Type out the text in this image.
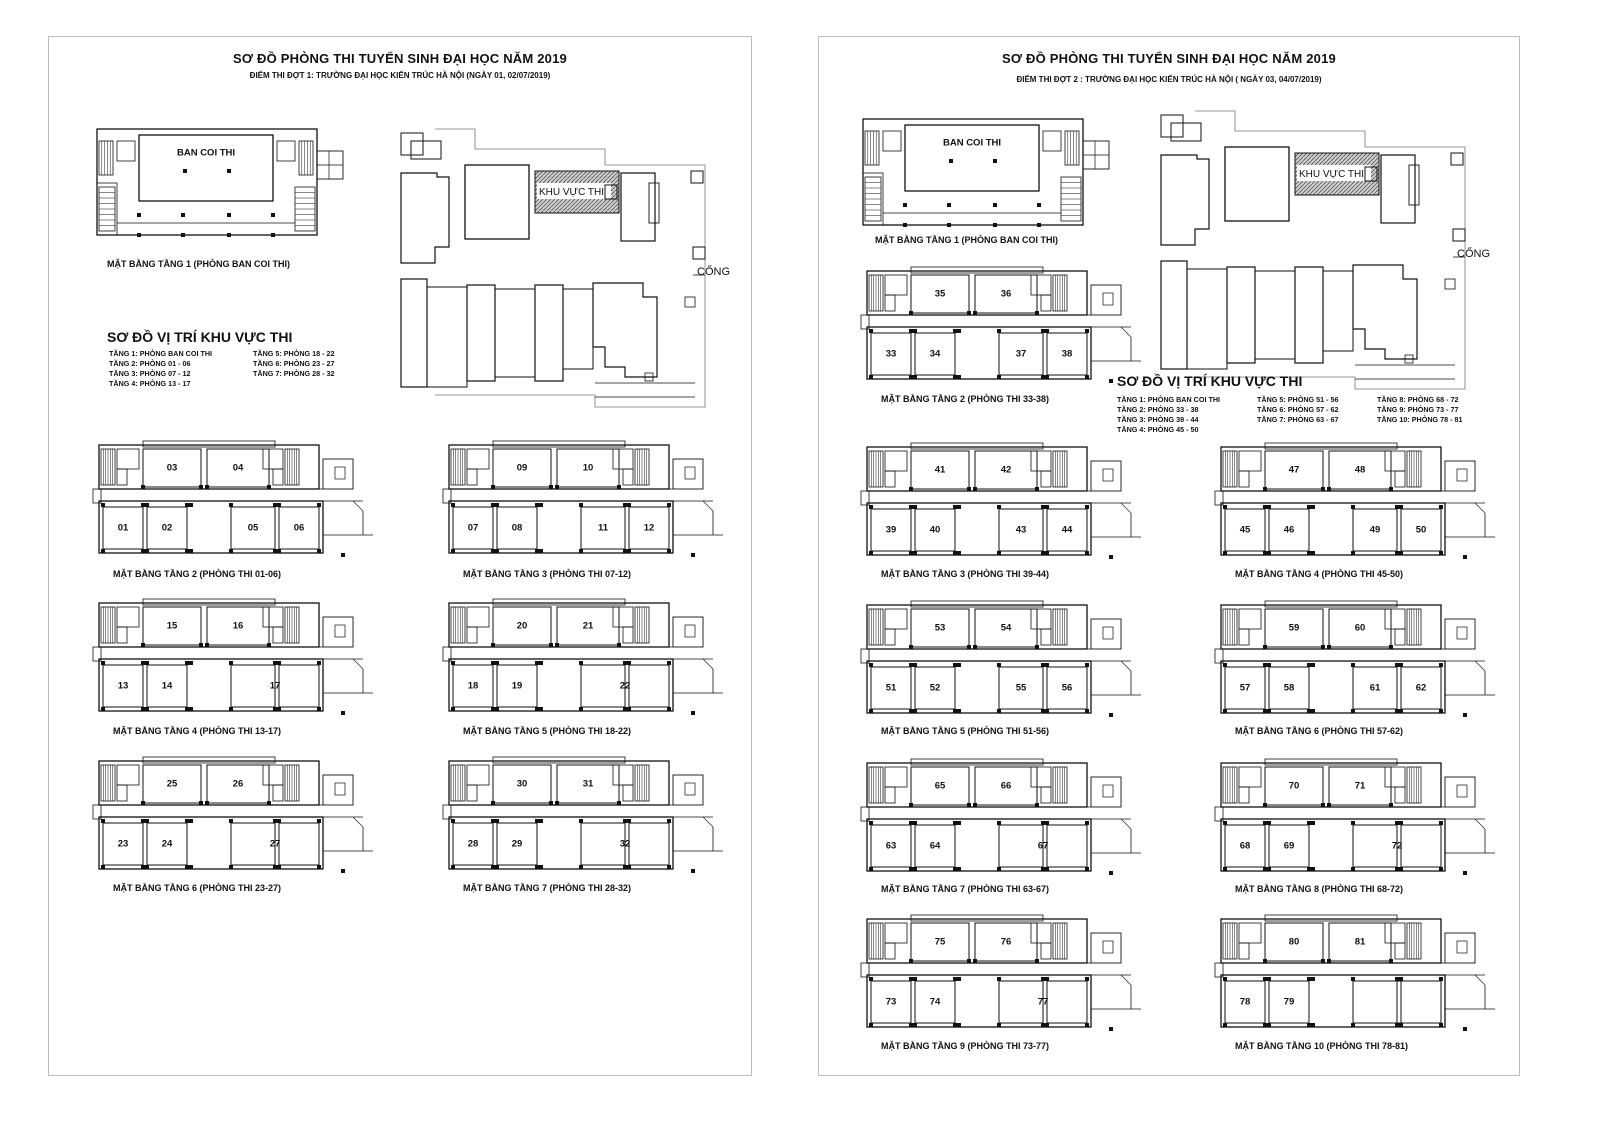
SƠ ĐỒ PHÒNG THI TUYỂN SINH ĐẠI HỌC NĂM 2019
ĐIỂM THI ĐỢT 1: TRƯỜNG ĐẠI HỌC KIẾN TRÚC HÀ NỘI (NGÀY 01, 02/07/2019)
BAN COI THI
MẶT BẰNG TẦNG 1 (PHÒNG BAN COI THI)
KHU VỰC THI
CỔNG
SƠ ĐỒ VỊ TRÍ KHU VỰC THI
TẦNG 1: PHÒNG BAN COI THI
TẦNG 2: PHÒNG 01 - 06
TẦNG 3: PHÒNG 07 - 12
TẦNG 4: PHÒNG 13 - 17
TẦNG 5: PHÒNG 18 - 22
TẦNG 6: PHÒNG 23 - 27
TẦNG 7: PHÒNG 28 - 32
03	04
01	02	05	06
MẶT BẰNG TẦNG 2 (PHÒNG THI 01-06)
09	10
07	08	11	12
MẶT BẰNG TẦNG 3 (PHÒNG THI 07-12)
15	16
13	14	17
MẶT BẰNG TẦNG 4 (PHÒNG THI 13-17)
20	21
18	19	22
MẶT BẰNG TẦNG 5 (PHÒNG THI 18-22)
25	26
23	24	27
MẶT BẰNG TẦNG 6 (PHÒNG THI 23-27)
30	31
28	29	32
MẶT BẰNG TẦNG 7 (PHÒNG THI 28-32)
SƠ ĐỒ PHÒNG THI TUYỂN SINH ĐẠI HỌC NĂM 2019
ĐIỂM THI ĐỢT 2 : TRƯỜNG ĐẠI HỌC KIẾN TRÚC HÀ NỘI ( NGÀY 03, 04/07/2019)
BAN COI THI
MẶT BẰNG TẦNG 1 (PHÒNG BAN COI THI)
35	36
33	34	37	38
MẶT BẰNG TẦNG 2 (PHÒNG THI 33-38)
KHU VỰC THI
CỔNG
SƠ ĐỒ VỊ TRÍ KHU VỰC THI
TẦNG 1: PHÒNG BAN COI THI
TẦNG 2: PHÒNG 33 - 38
TẦNG 3: PHÒNG 39 - 44
TẦNG 4: PHÒNG 45 - 50
TẦNG 5: PHÒNG 51 - 56
TẦNG 6: PHÒNG 57 - 62
TẦNG 7: PHÒNG 63 - 67
TẦNG 8: PHÒNG 68 - 72
TẦNG 9: PHÒNG 73 - 77
TẦNG 10: PHÒNG 78 - 81
41	42
39	40	43	44
MẶT BẰNG TẦNG 3 (PHÒNG THI 39-44)
47	48
45	46	49	50
MẶT BẰNG TẦNG 4 (PHÒNG THI 45-50)
53	54
51	52	55	56
MẶT BẰNG TẦNG 5 (PHÒNG THI 51-56)
59	60
57	58	61	62
MẶT BẰNG TẦNG 6 (PHÒNG THI 57-62)
65	66
63	64	67
MẶT BẰNG TẦNG 7 (PHÒNG THI 63-67)
70	71
68	69	72
MẶT BẰNG TẦNG 8 (PHÒNG THI 68-72)
75	76
73	74	77
MẶT BẰNG TẦNG 9 (PHÒNG THI 73-77)
80	81
78	79
MẶT BẰNG TẦNG 10 (PHÒNG THI 78-81)
